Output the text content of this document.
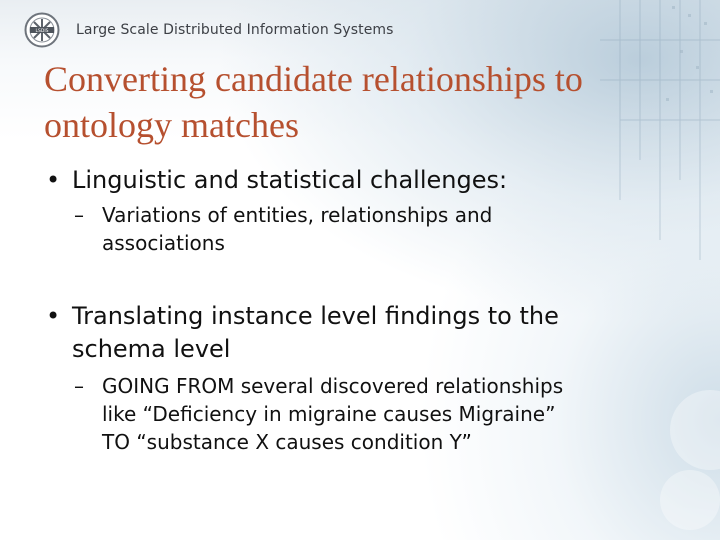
LSDIS Large Scale Distributed Information Systems
Converting candidate relationships to ontology matches
• Linguistic and statistical challenges:
– Variations of entities, relationships and
associations
• Translating instance level findings to the
schema level
– GOING FROM several discovered relationships
like “Deficiency in migraine causes Migraine”
TO “substance X causes condition Y”
